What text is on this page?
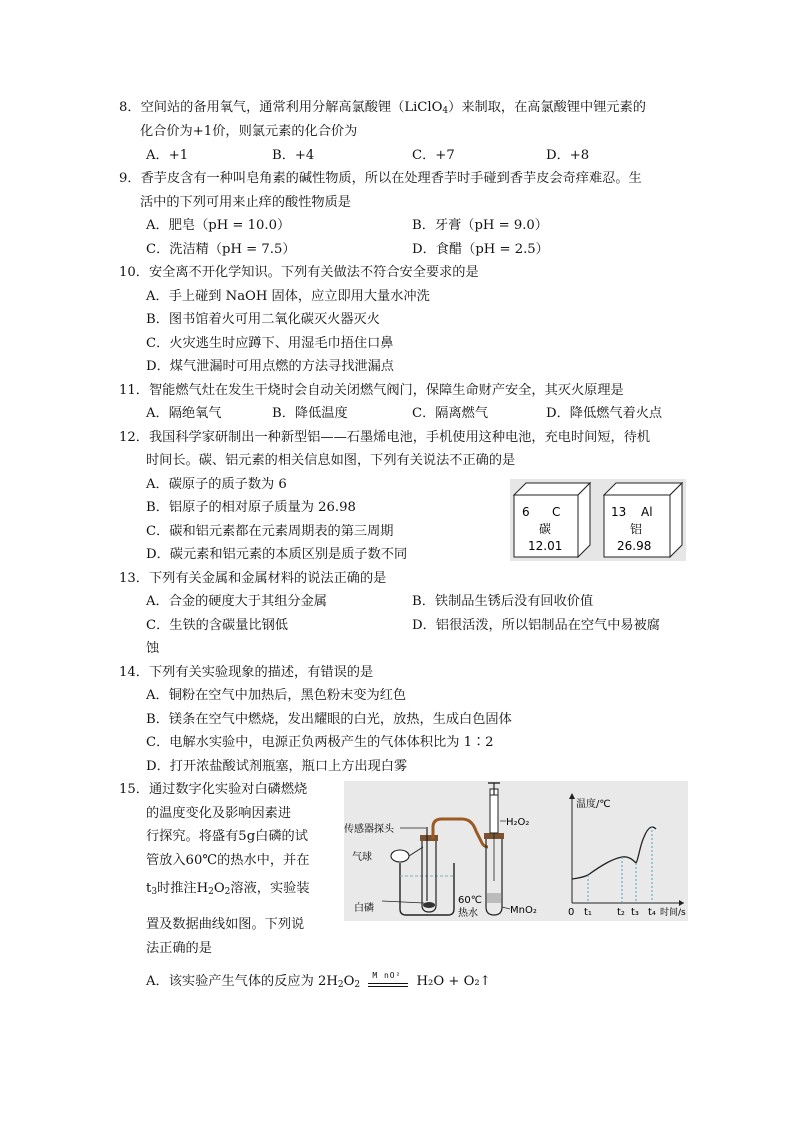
8．空间站的备用氧气，通常利用分解高氯酸锂（LiClO$_4$）来制取，在高氯酸锂中锂元素的
化合价为+1价，则氯元素的化合价为
A．+1	B．+4	C．+7	D．+8
9．香芋皮含有一种叫皂角素的碱性物质，所以在处理香芋时手碰到香芋皮会奇痒难忍。生
活中的下列可用来止痒的酸性物质是
A．肥皂（pH = 10.0）	B．牙膏（pH = 9.0）
C．洗洁精（pH = 7.5）	D．食醋（pH = 2.5）
10．安全离不开化学知识。下列有关做法不符合安全要求的是
A．手上碰到 NaOH 固体，应立即用大量水冲洗
B．图书馆着火可用二氧化碳灭火器灭火
C．火灾逃生时应蹲下、用湿毛巾捂住口鼻
D．煤气泄漏时可用点燃的方法寻找泄漏点
11．智能燃气灶在发生干烧时会自动关闭燃气阀门，保障生命财产安全，其灭火原理是
A．隔绝氧气	B．降低温度	C．隔离燃气	D．降低燃气着火点
12．我国科学家研制出一种新型铝——石墨烯电池，手机使用这种电池，充电时间短，待机
时间长。碳、铝元素的相关信息如图，下列有关说法不正确的是
A．碳原子的质子数为 6
B．铝原子的相对原子质量为 26.98
C．碳和铝元素都在元素周期表的第三周期
D．碳元素和铝元素的本质区别是质子数不同
6 C
碳
12.01
13 Al
铝
26.98
13．下列有关金属和金属材料的说法正确的是
A．合金的硬度大于其组分金属	B．铁制品生锈后没有回收价值
C．生铁的含碳量比钢低	D．铝很活泼，所以铝制品在空气中易被腐
蚀
14．下列有关实验现象的描述，有错误的是
A．铜粉在空气中加热后，黑色粉末变为红色
B．镁条在空气中燃烧，发出耀眼的白光，放热，生成白色固体
C．电解水实验中，电源正负两极产生的气体体积比为 1∶2
D．打开浓盐酸试剂瓶塞，瓶口上方出现白雾
15．通过数字化实验对白磷燃烧
的温度变化及影响因素进
行探究。将盛有5g白磷的试
管放入60℃的热水中，并在
$t_3$时推注$H_2O_2$溶液，实验装
置及数据曲线如图。下列说
法正确的是
A．该实验产生气体的反应为 $2H_2O_2$
M nO² H₂O + O₂↑
传感器探头
气球
白磷
60℃
热水
H₂O₂
MnO₂
温度/℃
0 t₁	t₂ t₃ t₄ 时间/s
